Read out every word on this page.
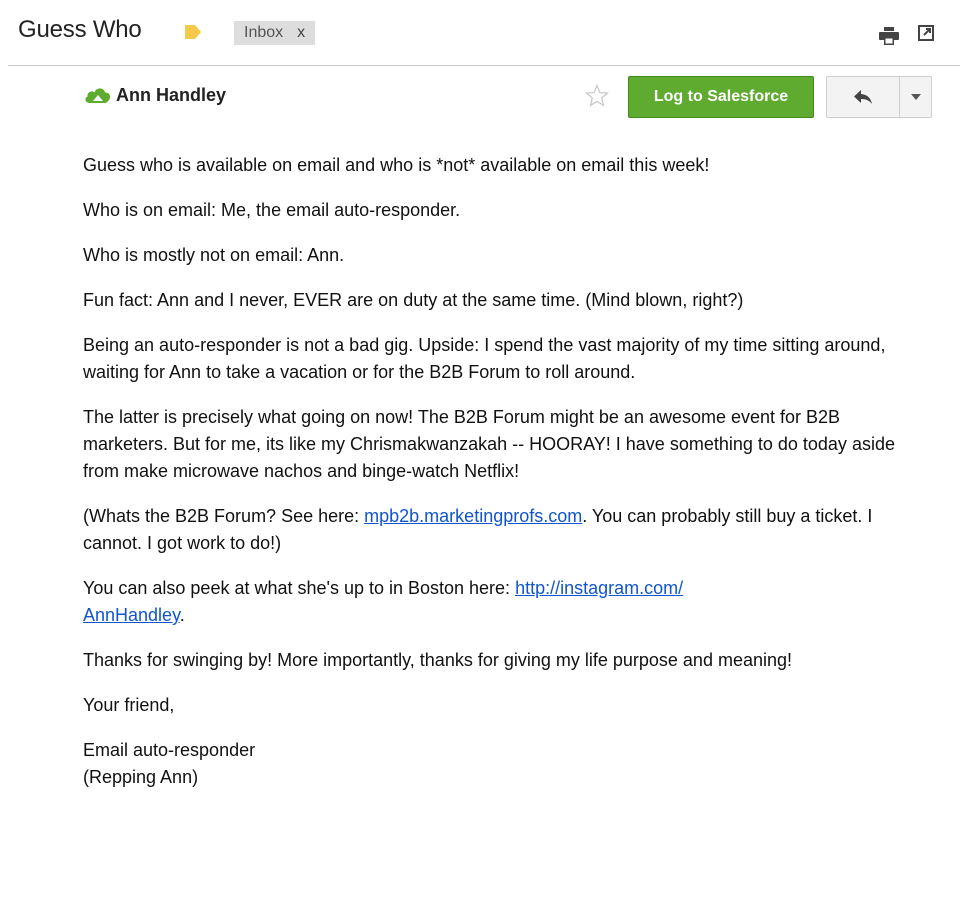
Guess Who	Inbox x
Ann Handley	Log to Salesforce

Guess who is available on email and who is *not* available on email this week!

Who is on email: Me, the email auto-responder.

Who is mostly not on email: Ann.

Fun fact: Ann and I never, EVER are on duty at the same time. (Mind blown, right?)

Being an auto-responder is not a bad gig. Upside: I spend the vast majority of my time sitting around, waiting for Ann to take a vacation or for the B2B Forum to roll around.

The latter is precisely what going on now! The B2B Forum might be an awesome event for B2B marketers. But for me, its like my Chrismakwanzakah -- HOORAY! I have something to do today aside from make microwave nachos and binge-watch Netflix!

(Whats the B2B Forum? See here: mpb2b.marketingprofs.com. You can probably still buy a ticket. I cannot. I got work to do!)

You can also peek at what she's up to in Boston here: http://instagram.com/
AnnHandley.

Thanks for swinging by! More importantly, thanks for giving my life purpose and meaning!

Your friend,

Email auto-responder
(Repping Ann)
